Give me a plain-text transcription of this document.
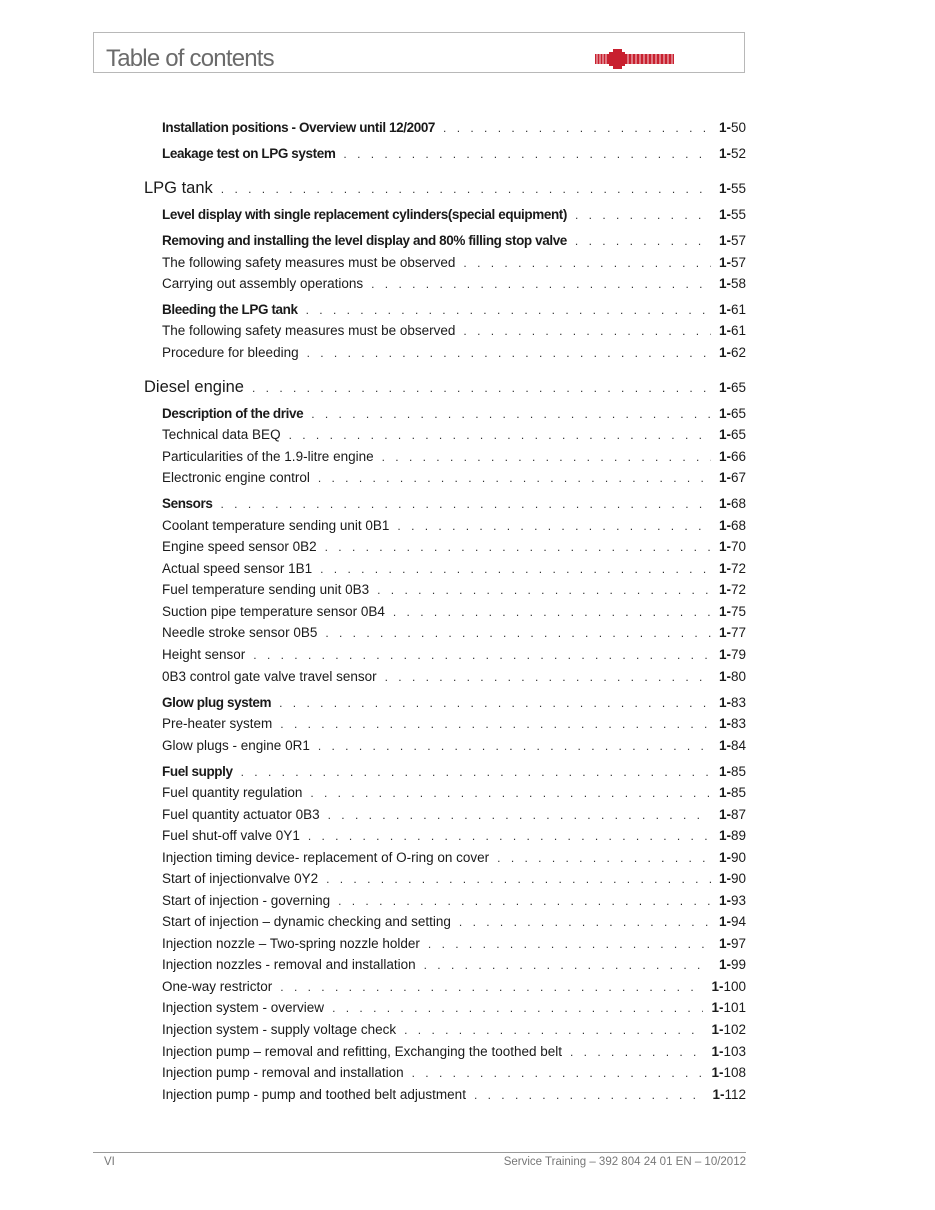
Table of contents
Installation positions - Overview until 12/2007 . . .	1-50
Leakage test on LPG system . . .	1-52
LPG tank . . .	1-55
Level display with single replacement cylinders(special equipment) . . .	1-55
Removing and installing the level display and 80% filling stop valve . . .	1-57
The following safety measures must be observed . . .	1-57
Carrying out assembly operations . . .	1-58
Bleeding the LPG tank . . .	1-61
The following safety measures must be observed . . .	1-61
Procedure for bleeding . . .	1-62
Diesel engine . . .	1-65
Description of the drive . . .	1-65
Technical data BEQ . . .	1-65
Particularities of the 1.9-litre engine . . .	1-66
Electronic engine control . . .	1-67
Sensors . . .	1-68
Coolant temperature sending unit 0B1 . . .	1-68
Engine speed sensor 0B2 . . .	1-70
Actual speed sensor 1B1 . . .	1-72
Fuel temperature sending unit 0B3 . . .	1-72
Suction pipe temperature sensor 0B4 . . .	1-75
Needle stroke sensor 0B5 . . .	1-77
Height sensor . . .	1-79
0B3 control gate valve travel sensor . . .	1-80
Glow plug system . . .	1-83
Pre-heater system . . .	1-83
Glow plugs - engine 0R1 . . .	1-84
Fuel supply . . .	1-85
Fuel quantity regulation . . .	1-85
Fuel quantity actuator 0B3 . . .	1-87
Fuel shut-off valve 0Y1 . . .	1-89
Injection timing device- replacement of O-ring on cover . . .	1-90
Start of injectionvalve 0Y2 . . .	1-90
Start of injection - governing . . .	1-93
Start of injection – dynamic checking and setting . . .	1-94
Injection nozzle – Two-spring nozzle holder . . .	1-97
Injection nozzles - removal and installation . . .	1-99
One-way restrictor . . .	1-100
Injection system - overview . . .	1-101
Injection system - supply voltage check . . .	1-102
Injection pump – removal and refitting, Exchanging the toothed belt . . .	1-103
Injection pump - removal and installation . . .	1-108
Injection pump - pump and toothed belt adjustment . . .	1-112
VI	Service Training – 392 804 24 01 EN – 10/2012
